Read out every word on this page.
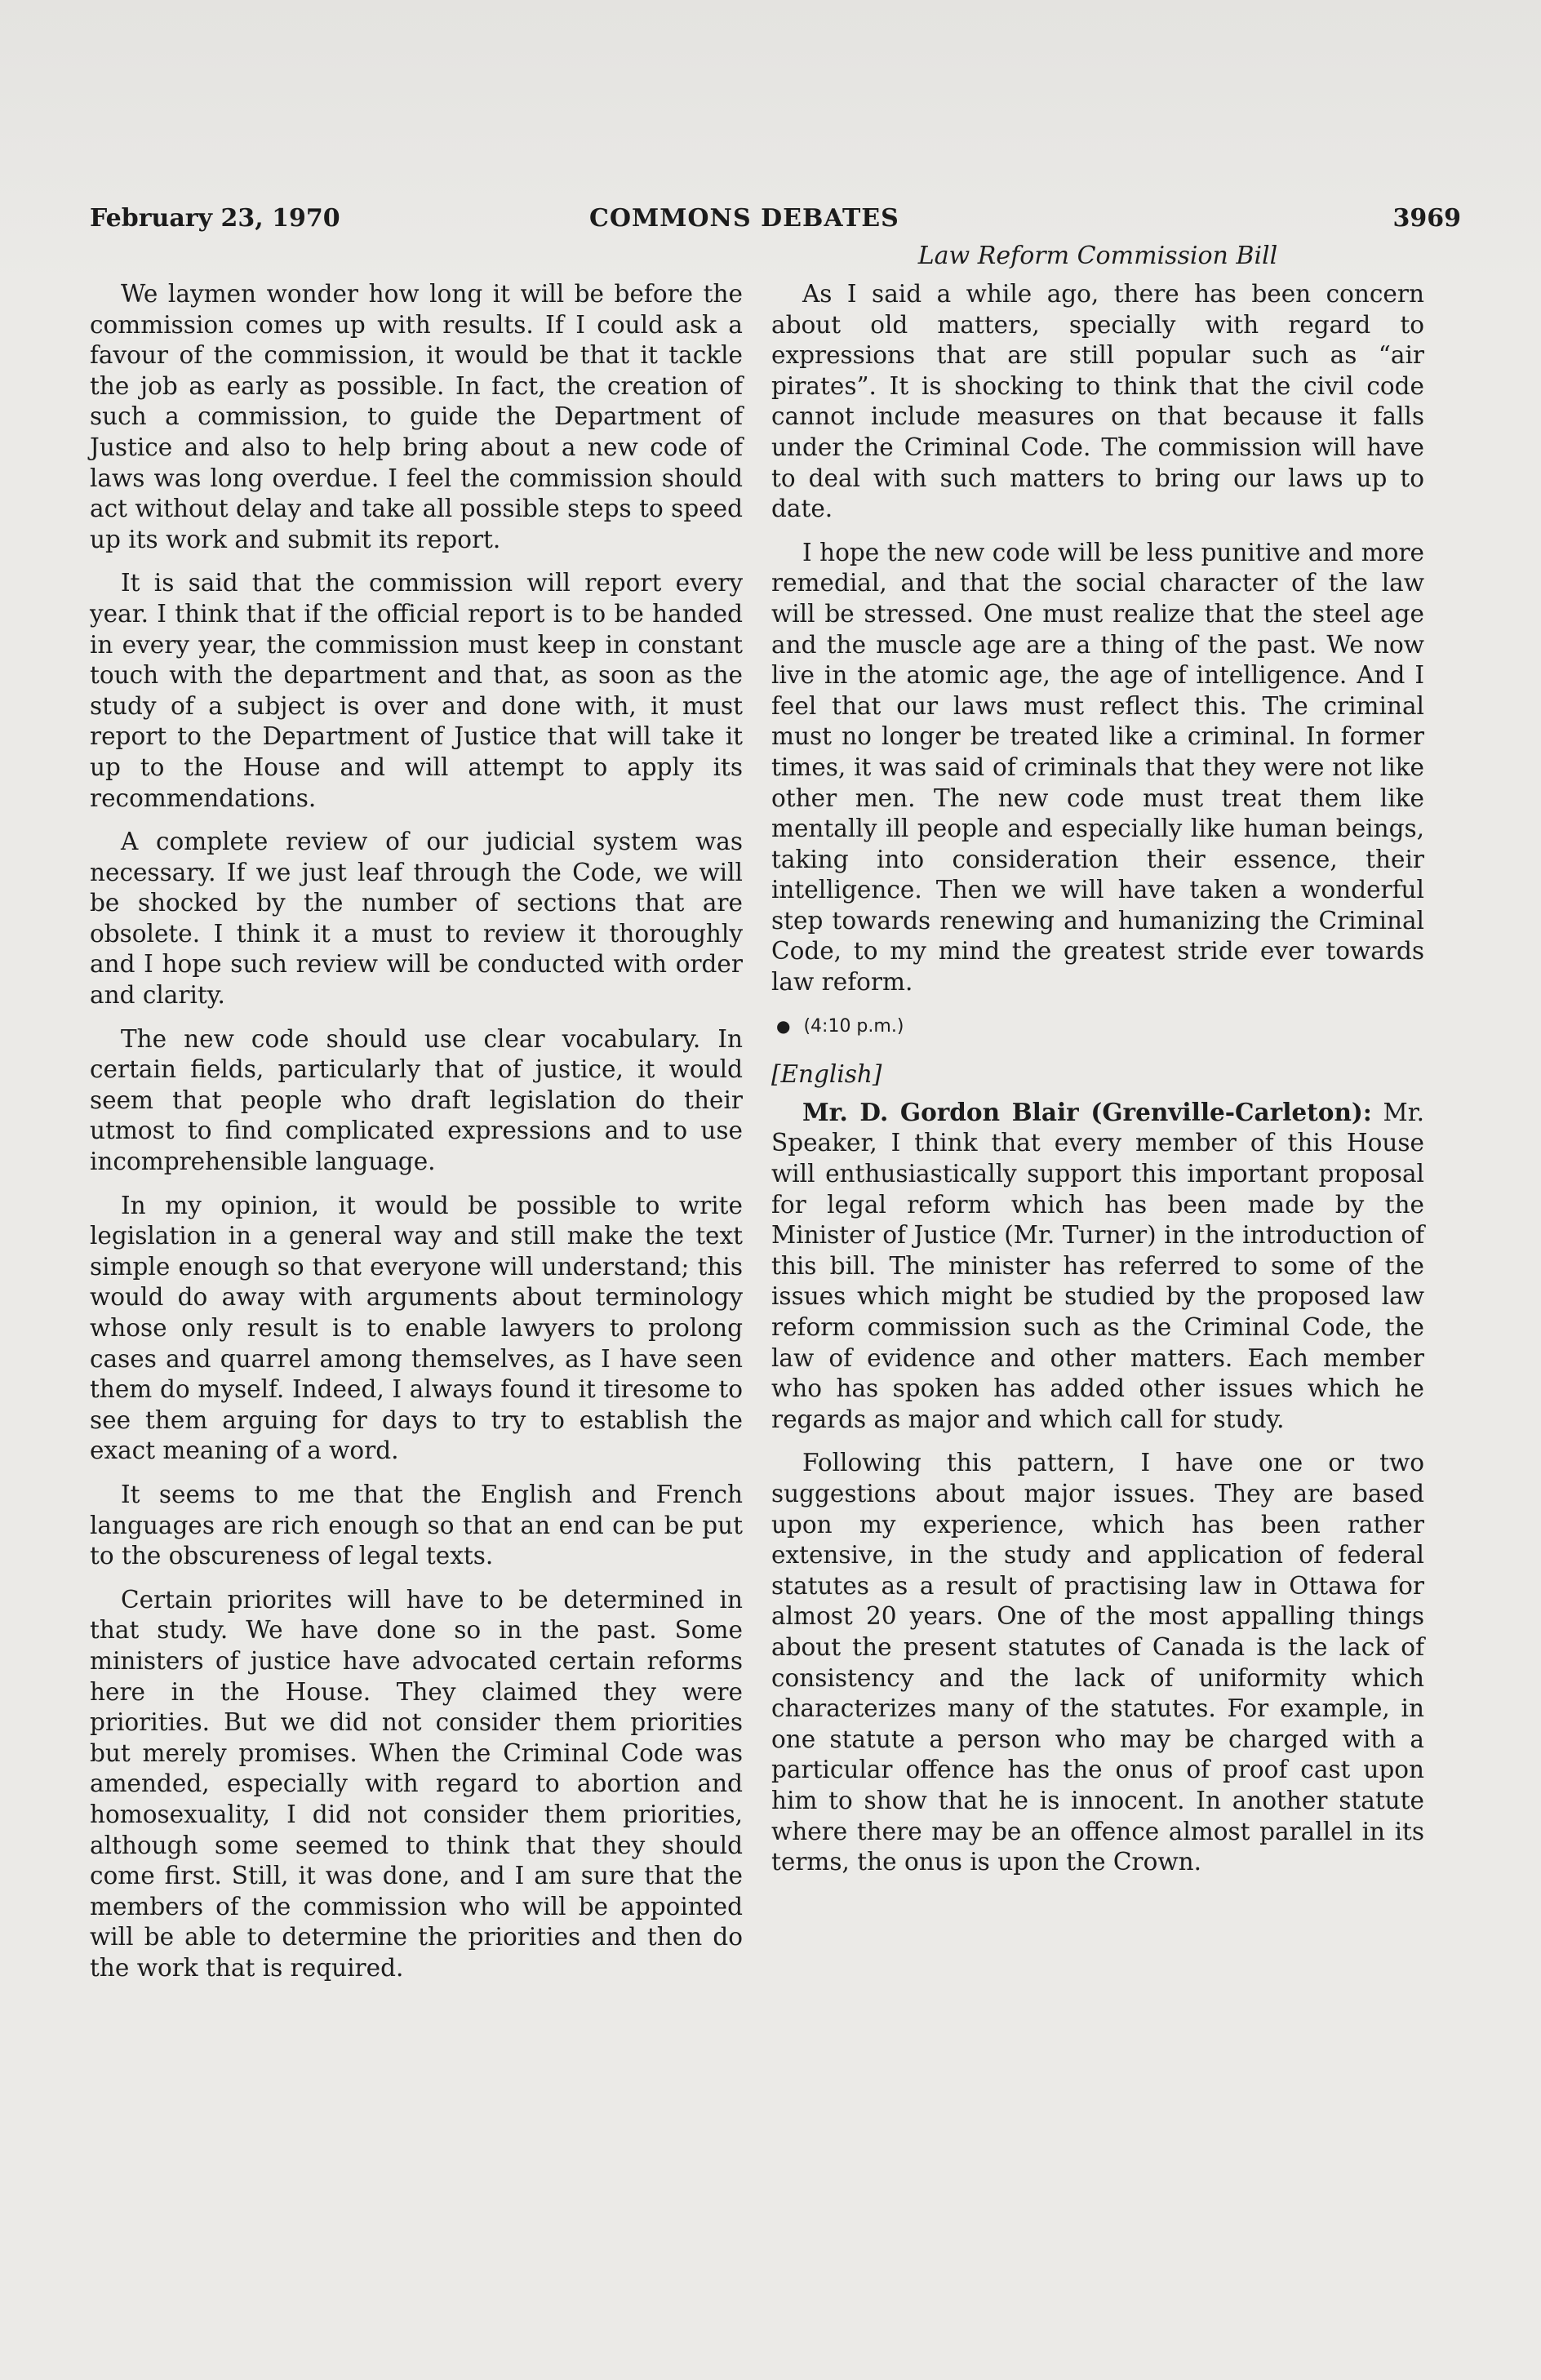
February 23, 1970	COMMONS DEBATES	3969
Law Reform Commission Bill

We laymen wonder how long it will be before the commission comes up with results. If I could ask a favour of the commission, it would be that it tackle the job as early as possible. In fact, the creation of such a commission, to guide the Department of Justice and also to help bring about a new code of laws was long overdue. I feel the commission should act without delay and take all possible steps to speed up its work and submit its report.

It is said that the commission will report every year. I think that if the official report is to be handed in every year, the commission must keep in constant touch with the department and that, as soon as the study of a subject is over and done with, it must report to the Department of Justice that will take it up to the House and will attempt to apply its recommendations.

A complete review of our judicial system was necessary. If we just leaf through the Code, we will be shocked by the number of sections that are obsolete. I think it a must to review it thoroughly and I hope such review will be conducted with order and clarity.

The new code should use clear vocabulary. In certain fields, particularly that of justice, it would seem that people who draft legislation do their utmost to find complicated expressions and to use incomprehensible language.

In my opinion, it would be possible to write legislation in a general way and still make the text simple enough so that everyone will understand; this would do away with arguments about terminology whose only result is to enable lawyers to prolong cases and quarrel among themselves, as I have seen them do myself. Indeed, I always found it tiresome to see them arguing for days to try to establish the exact meaning of a word.

It seems to me that the English and French languages are rich enough so that an end can be put to the obscureness of legal texts.

Certain priorites will have to be determined in that study. We have done so in the past. Some ministers of justice have advocated certain reforms here in the House. They claimed they were priorities. But we did not consider them priorities but merely promises. When the Criminal Code was amended, especially with regard to abortion and homosexuality, I did not consider them priorities, although some seemed to think that they should come first. Still, it was done, and I am sure that the members of the commission who will be appointed will be able to determine the priorities and then do the work that is required.

As I said a while ago, there has been concern about old matters, specially with regard to expressions that are still popular such as “air pirates”. It is shocking to think that the civil code cannot include measures on that because it falls under the Criminal Code. The commission will have to deal with such matters to bring our laws up to date.

I hope the new code will be less punitive and more remedial, and that the social character of the law will be stressed. One must realize that the steel age and the muscle age are a thing of the past. We now live in the atomic age, the age of intelligence. And I feel that our laws must reflect this. The criminal must no longer be treated like a criminal. In former times, it was said of criminals that they were not like other men. The new code must treat them like mentally ill people and especially like human beings, taking into consideration their essence, their intelligence. Then we will have taken a wonderful step towards renewing and humanizing the Criminal Code, to my mind the greatest stride ever towards law reform.

● (4:10 p.m.)
[English]

Mr. D. Gordon Blair (Grenville-Carleton): Mr. Speaker, I think that every member of this House will enthusiastically support this important proposal for legal reform which has been made by the Minister of Justice (Mr. Turner) in the introduction of this bill. The minister has referred to some of the issues which might be studied by the proposed law reform commission such as the Criminal Code, the law of evidence and other matters. Each member who has spoken has added other issues which he regards as major and which call for study.

Following this pattern, I have one or two suggestions about major issues. They are based upon my experience, which has been rather extensive, in the study and application of federal statutes as a result of practising law in Ottawa for almost 20 years. One of the most appalling things about the present statutes of Canada is the lack of consistency and the lack of uniformity which characterizes many of the statutes. For example, in one statute a person who may be charged with a particular offence has the onus of proof cast upon him to show that he is innocent. In another statute where there may be an offence almost parallel in its terms, the onus is upon the Crown.
